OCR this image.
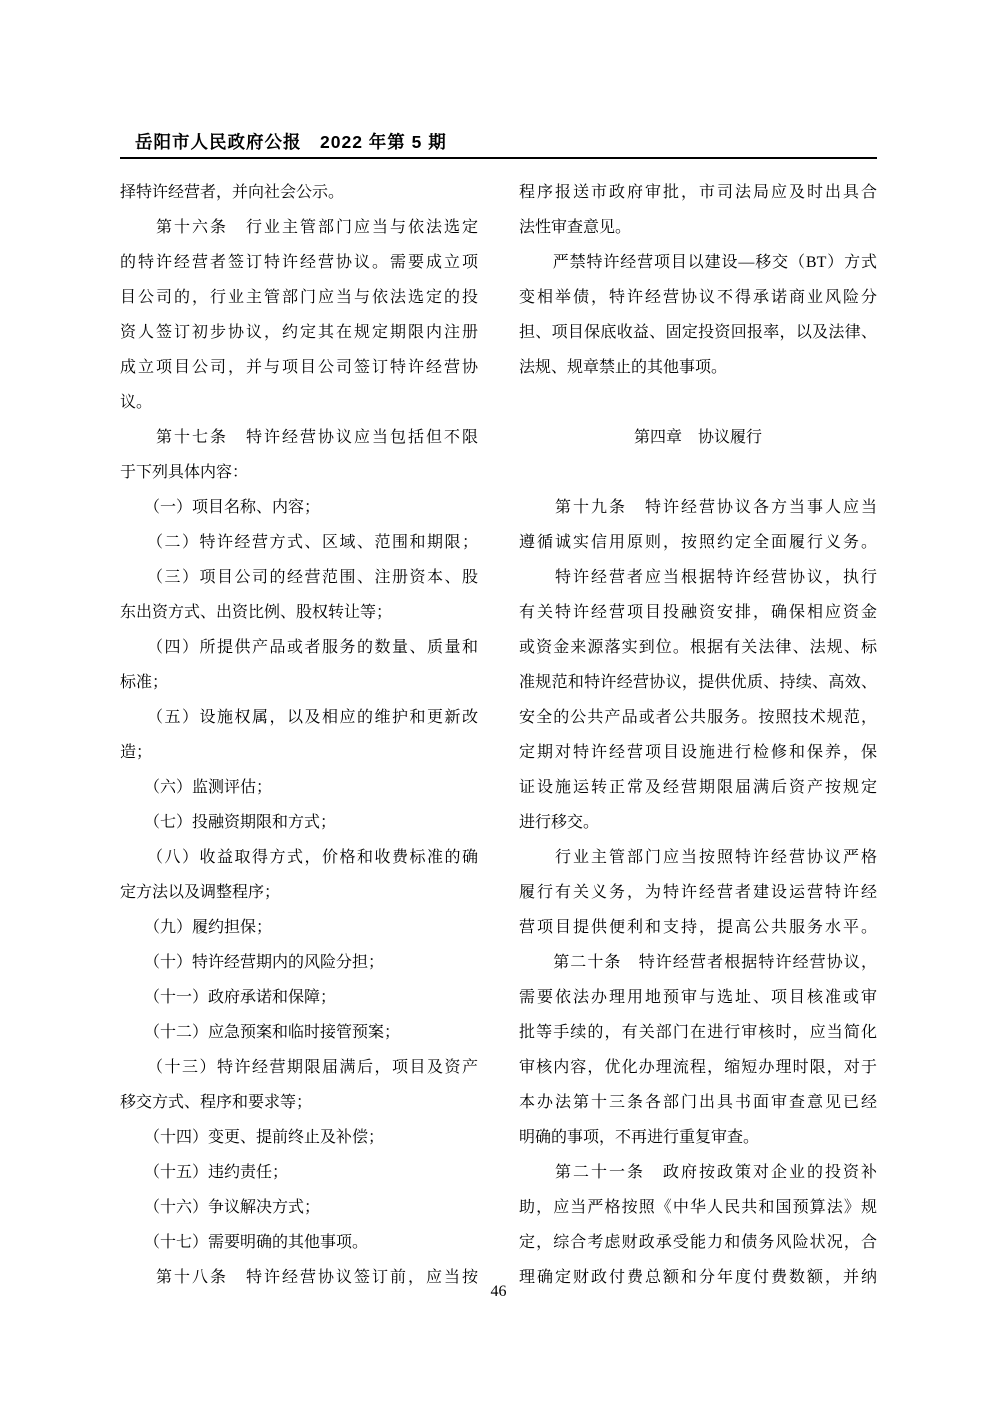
岳阳市人民政府公报　2022 年第 5 期
择特许经营者，并向社会公示。
　　第十六条　行业主管部门应当与依法选定
的特许经营者签订特许经营协议。需要成立项
目公司的，行业主管部门应当与依法选定的投
资人签订初步协议，约定其在规定期限内注册
成立项目公司，并与项目公司签订特许经营协
议。
　　第十七条　特许经营协议应当包括但不限
于下列具体内容：
　　（一）项目名称、内容；
　　（二）特许经营方式、区域、范围和期限；
　　（三）项目公司的经营范围、注册资本、股
东出资方式、出资比例、股权转让等；
　　（四）所提供产品或者服务的数量、质量和
标准；
　　（五）设施权属，以及相应的维护和更新改
造；
　　（六）监测评估；
　　（七）投融资期限和方式；
　　（八）收益取得方式，价格和收费标准的确
定方法以及调整程序；
　　（九）履约担保；
　　（十）特许经营期内的风险分担；
　　（十一）政府承诺和保障；
　　（十二）应急预案和临时接管预案；
　　（十三）特许经营期限届满后，项目及资产
移交方式、程序和要求等；
　　（十四）变更、提前终止及补偿；
　　（十五）违约责任；
　　（十六）争议解决方式；
　　（十七）需要明确的其他事项。
　　第十八条　特许经营协议签订前，应当按
程序报送市政府审批，市司法局应及时出具合
法性审查意见。
　　严禁特许经营项目以建设—移交（BT）方式
变相举债，特许经营协议不得承诺商业风险分
担、项目保底收益、固定投资回报率，以及法律、
法规、规章禁止的其他事项。
第四章　协议履行
　　第十九条　特许经营协议各方当事人应当
遵循诚实信用原则，按照约定全面履行义务。
　　特许经营者应当根据特许经营协议，执行
有关特许经营项目投融资安排，确保相应资金
或资金来源落实到位。根据有关法律、法规、标
准规范和特许经营协议，提供优质、持续、高效、
安全的公共产品或者公共服务。按照技术规范，
定期对特许经营项目设施进行检修和保养，保
证设施运转正常及经营期限届满后资产按规定
进行移交。
　　行业主管部门应当按照特许经营协议严格
履行有关义务，为特许经营者建设运营特许经
营项目提供便利和支持，提高公共服务水平。
　　第二十条　特许经营者根据特许经营协议，
需要依法办理用地预审与选址、项目核准或审
批等手续的，有关部门在进行审核时，应当简化
审核内容，优化办理流程，缩短办理时限，对于
本办法第十三条各部门出具书面审查意见已经
明确的事项，不再进行重复审查。
　　第二十一条　政府按政策对企业的投资补
助，应当严格按照《中华人民共和国预算法》规
定，综合考虑财政承受能力和债务风险状况，合
理确定财政付费总额和分年度付费数额，并纳
46
